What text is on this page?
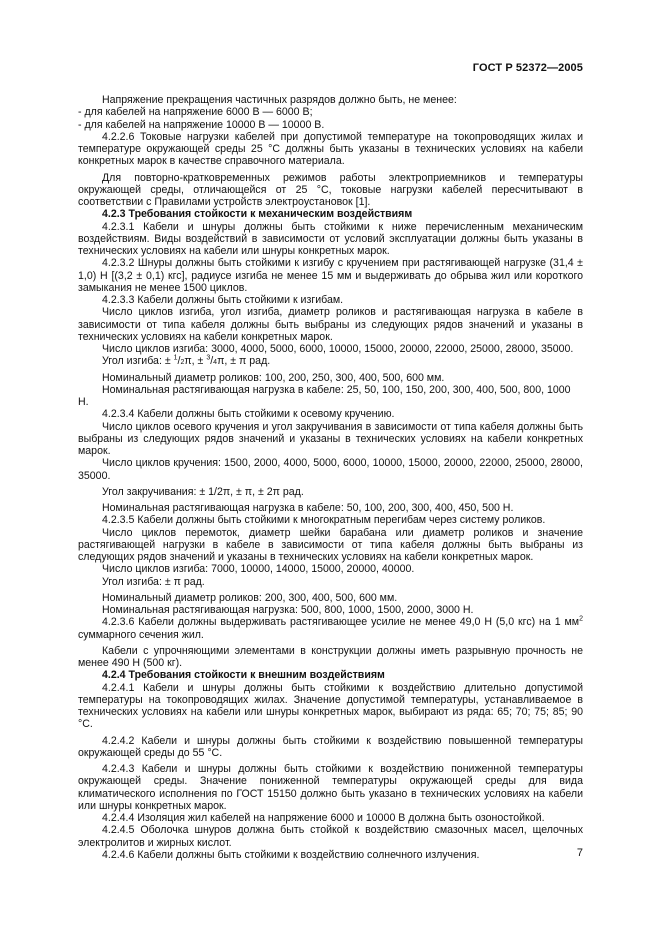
ГОСТ Р 52372—2005

Напряжение прекращения частичных разрядов должно быть, не менее:

- для кабелей на напряжение 6000 В — 6000 В;

- для кабелей на напряжение 10000 В — 10000 В.

4.2.2.6 Токовые нагрузки кабелей при допустимой температуре на токопроводящих жилах и температуре окружающей среды 25 °С должны быть указаны в технических условиях на кабели конкретных марок в качестве справочного материала.

Для повторно-кратковременных режимов работы электроприемников и температуры окружающей среды, отличающейся от 25 °С, токовые нагрузки кабелей пересчитывают в соответствии с Правилами устройств электроустановок [1].

4.2.3 Требования стойкости к механическим воздействиям

4.2.3.1 Кабели и шнуры должны быть стойкими к ниже перечисленным механическим воздействиям. Виды воздействий в зависимости от условий эксплуатации должны быть указаны в технических условиях на кабели или шнуры конкретных марок.

4.2.3.2 Шнуры должны быть стойкими к изгибу с кручением при растягивающей нагрузке (31,4 ± 1,0) Н [(3,2 ± 0,1) кгс], радиусе изгиба не менее 15 мм и выдерживать до обрыва жил или короткого замыкания не менее 1500 циклов.

4.2.3.3 Кабели должны быть стойкими к изгибам.

Число циклов изгиба, угол изгиба, диаметр роликов и растягивающая нагрузка в кабеле в зависимости от типа кабеля должны быть выбраны из следующих рядов значений и указаны в технических условиях на кабели конкретных марок.

Число циклов изгиба: 3000, 4000, 5000, 6000, 10000, 15000, 20000, 22000, 25000, 28000, 35000.

Угол изгиба: ± $^1$/2π, ± $^3$/4π, ± π рад.

Номинальный диаметр роликов: 100, 200, 250, 300, 400, 500, 600 мм.

Номинальная растягивающая нагрузка в кабеле: 25, 50, 100, 150, 200, 300, 400, 500, 800, 1000 Н.

4.2.3.4 Кабели должны быть стойкими к осевому кручению.

Число циклов осевого кручения и угол закручивания в зависимости от типа кабеля должны быть выбраны из следующих рядов значений и указаны в технических условиях на кабели конкретных марок.

Число циклов кручения: 1500, 2000, 4000, 5000, 6000, 10000, 15000, 20000, 22000, 25000, 28000, 35000.

Угол закручивания: ± 1/2π, ± π, ± 2π рад.

Номинальная растягивающая нагрузка в кабеле: 50, 100, 200, 300, 400, 450, 500 Н.

4.2.3.5 Кабели должны быть стойкими к многократным перегибам через систему роликов.

Число циклов перемоток, диаметр шейки барабана или диаметр роликов и значение растягивающей нагрузки в кабеле в зависимости от типа кабеля должны быть выбраны из следующих рядов значений и указаны в технических условиях на кабели конкретных марок.

Число циклов изгиба: 7000, 10000, 14000, 15000, 20000, 40000.

Угол изгиба: ± π рад.

Номинальный диаметр роликов: 200, 300, 400, 500, 600 мм.

Номинальная растягивающая нагрузка: 500, 800, 1000, 1500, 2000, 3000 Н.

4.2.3.6 Кабели должны выдерживать растягивающее усилие не менее 49,0 Н (5,0 кгс) на 1 $мм^2$ суммарного сечения жил.

Кабели с упрочняющими элементами в конструкции должны иметь разрывную прочность не менее 490 Н (500 кг).

4.2.4 Требования стойкости к внешним воздействиям

4.2.4.1 Кабели и шнуры должны быть стойкими к воздействию длительно допустимой температуры на токопроводящих жилах. Значение допустимой температуры, устанавливаемое в технических условиях на кабели или шнуры конкретных марок, выбирают из ряда: 65; 70; 75; 85; 90 °С.

4.2.4.2 Кабели и шнуры должны быть стойкими к воздействию повышенной температуры окружающей среды до 55 °С.

4.2.4.3 Кабели и шнуры должны быть стойкими к воздействию пониженной температуры окружающей среды. Значение пониженной температуры окружающей среды для вида климатического исполнения по ГОСТ 15150 должно быть указано в технических условиях на кабели или шнуры конкретных марок.

4.2.4.4 Изоляция жил кабелей на напряжение 6000 и 10000 В должна быть озоностойкой.

4.2.4.5 Оболочка шнуров должна быть стойкой к воздействию смазочных масел, щелочных электролитов и жирных кислот.

4.2.4.6 Кабели должны быть стойкими к воздействию солнечного излучения.	7
